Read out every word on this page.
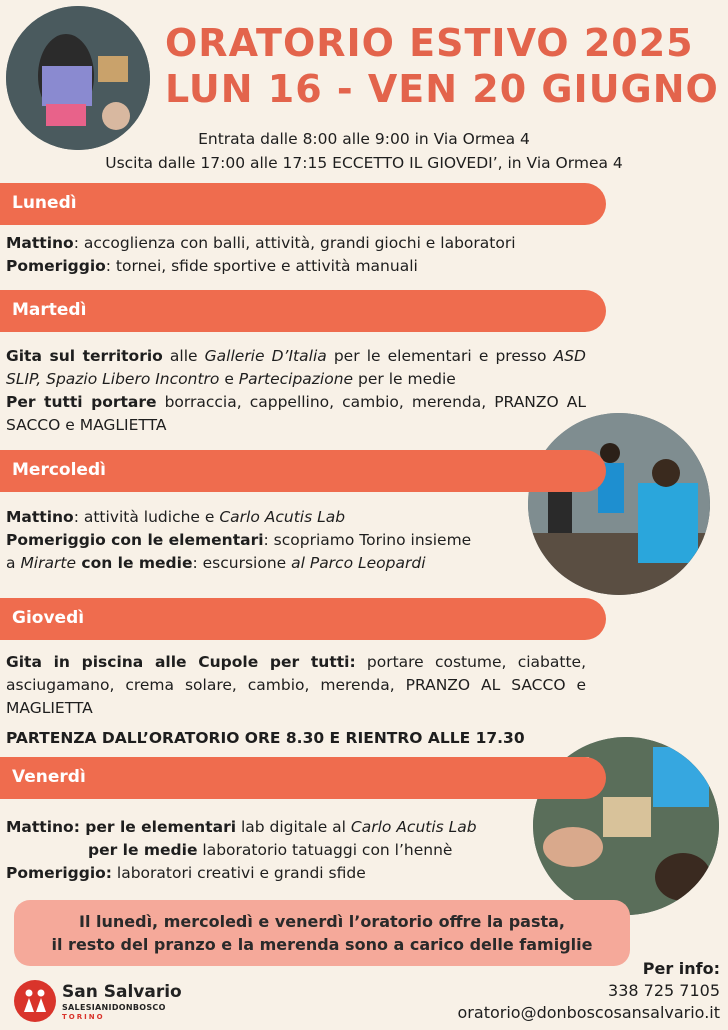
ORATORIO ESTIVO 2025
LUN 16 - VEN 20 GIUGNO
Entrata dalle 8:00 alle 9:00 in Via Ormea 4
Uscita dalle 17:00 alle 17:15 ECCETTO IL GIOVEDI’, in Via Ormea 4
Lunedì

Mattino: accoglienza con balli, attività, grandi giochi e laboratori

Pomeriggio: tornei, sfide sportive e attività manuali

Martedì

Gita sul territorio alle Gallerie D’Italia per le elementari e presso ASD SLIP, Spazio Libero Incontro e Partecipazione per le medie

Per tutti portare borraccia, cappellino, cambio, merenda, PRANZO AL SACCO e MAGLIETTA

Mercoledì

Mattino: attività ludiche e Carlo Acutis Lab

Pomeriggio con le elementari: scopriamo Torino insieme

a Mirarte con le medie: escursione al Parco Leopardi

Giovedì

Gita in piscina alle Cupole per tutti: portare costume, ciabatte, asciugamano, crema solare, cambio, merenda, PRANZO AL SACCO e MAGLIETTA

PARTENZA DALL’ORATORIO ORE 8.30 E RIENTRO ALLE 17.30
Venerdì

Mattino: per le elementari lab digitale al Carlo Acutis Lab

per le medie laboratorio tatuaggi con l’hennè

Pomeriggio: laboratori creativi e grandi sfide

Il lunedì, mercoledì e venerdì l’oratorio offre la pasta,
il resto del pranzo e la merenda sono a carico delle famiglie
San Salvario
SALESIANIDONBOSCO
TORINO
Per info:
338 725 7105
oratorio@donboscosansalvario.it
